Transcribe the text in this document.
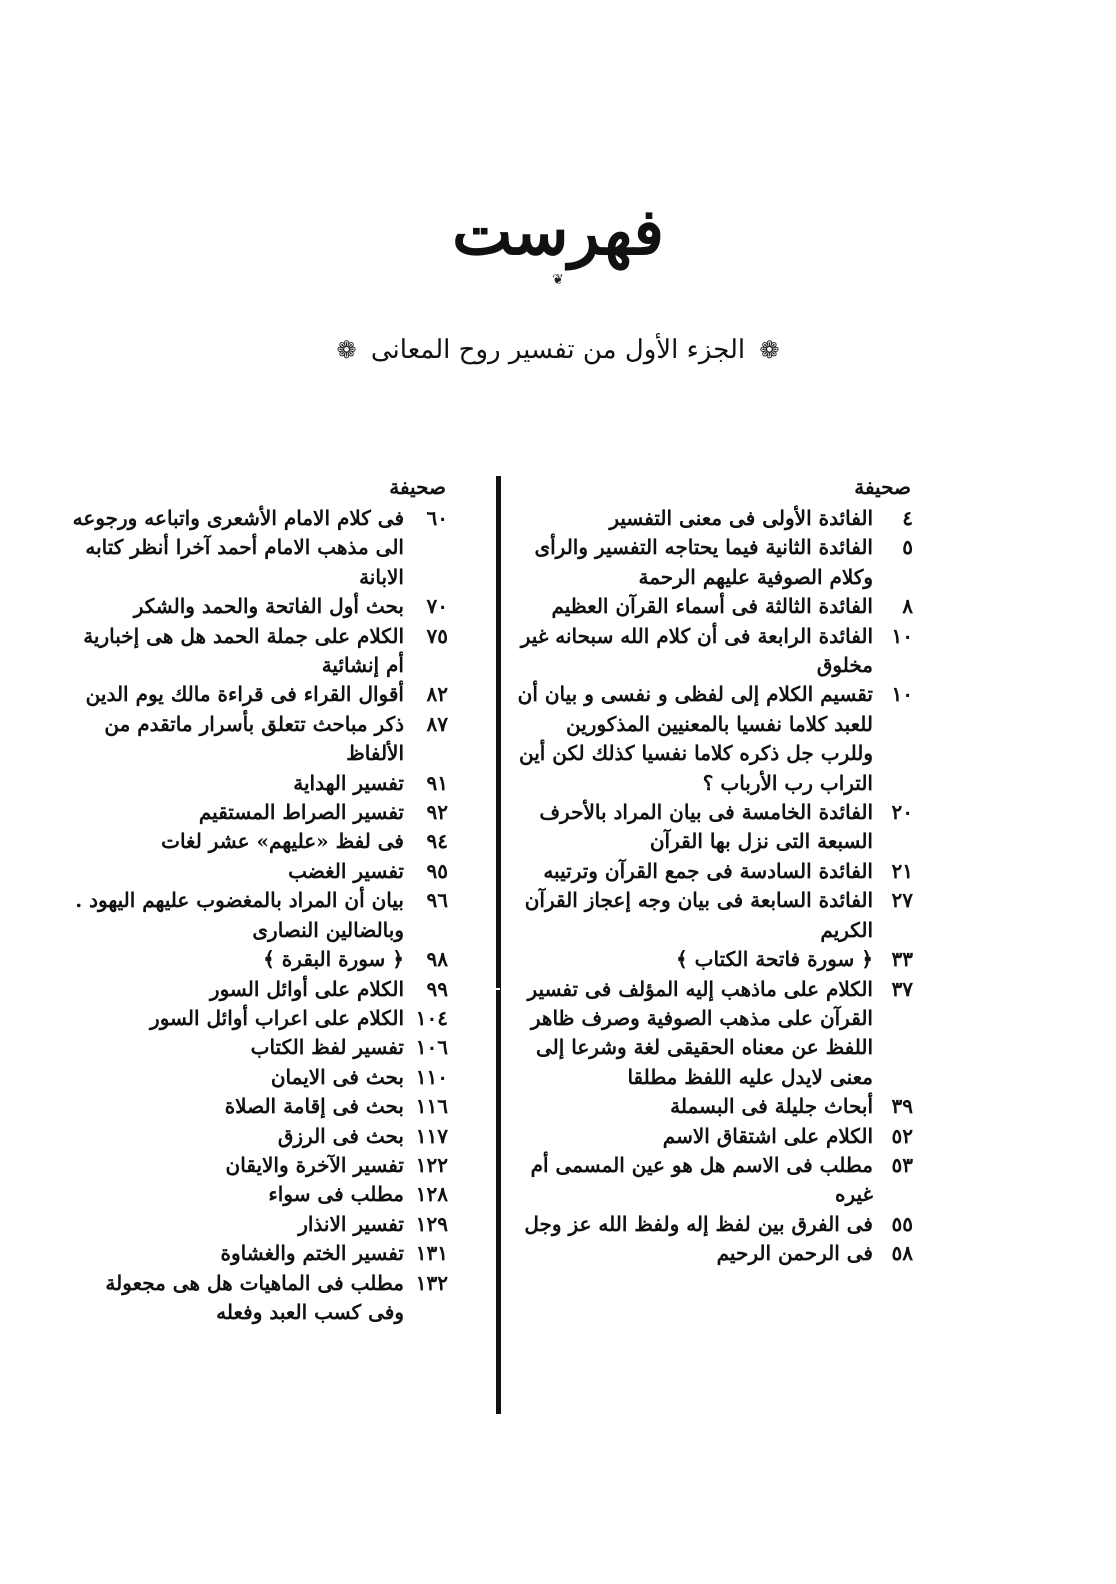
فهرست
❦
❁ الجزء الأول من تفسير روح المعانى ❁
صحيفة
٤
الفائدة الأولى فى معنى التفسير
٥
الفائدة الثانية فيما يحتاجه التفسير والرأى وكلام الصوفية عليهم الرحمة
٨
الفائدة الثالثة فى أسماء القرآن العظيم
١٠
الفائدة الرابعة فى أن كلام الله سبحانه غير مخلوق
١٠
تقسيم الكلام إلى لفظى و نفسى و بيان أن للعبد كلاما نفسيا بالمعنيين المذكورين وللرب جل ذكره كلاما نفسيا كذلك لكن أين التراب رب الأرباب ؟
٢٠
الفائدة الخامسة فى بيان المراد بالأحرف السبعة التى نزل بها القرآن
٢١
الفائدة السادسة فى جمع القرآن وترتيبه
٢٧
الفائدة السابعة فى بيان وجه إعجاز القرآن الكريم
٣٣
﴿ سورة فاتحة الكتاب ﴾
٣٧
الكلام على ماذهب إليه المؤلف فى تفسير القرآن على مذهب الصوفية وصرف ظاهر اللفظ عن معناه الحقيقى لغة وشرعا إلى معنى لايدل عليه اللفظ مطلقا
٣٩
أبحاث جليلة فى البسملة
٥٢
الكلام على اشتقاق الاسم
٥٣
مطلب فى الاسم هل هو عين المسمى أم غيره
٥٥
فى الفرق بين لفظ إله ولفظ الله عز وجل
٥٨
فى الرحمن الرحيم
صحيفة
٦٠
فى كلام الامام الأشعرى واتباعه ورجوعه الى مذهب الامام أحمد آخرا أنظر كتابه الابانة
٧٠
بحث أول الفاتحة والحمد والشكر
٧٥
الكلام على جملة الحمد هل هى إخبارية أم إنشائية
٨٢
أقوال القراء فى قراءة مالك يوم الدين
٨٧
ذكر مباحث تتعلق بأسرار ماتقدم من الألفاظ
٩١
تفسير الهداية
٩٢
تفسير الصراط المستقيم
٩٤
فى لفظ «عليهم» عشر لغات
٩٥
تفسير الغضب
٩٦
بيان أن المراد بالمغضوب عليهم اليهود . وبالضالين النصارى
٩٨
﴿ سورة البقرة ﴾
٩٩
الكلام على أوائل السور
١٠٤
الكلام على اعراب أوائل السور
١٠٦
تفسير لفظ الكتاب
١١٠
بحث فى الايمان
١١٦
بحث فى إقامة الصلاة
١١٧
بحث فى الرزق
١٢٢
تفسير الآخرة والايقان
١٢٨
مطلب فى سواء
١٢٩
تفسير الانذار
١٣١
تفسير الختم والغشاوة
١٣٢
مطلب فى الماهيات هل هى مجعولة وفى كسب العبد وفعله
